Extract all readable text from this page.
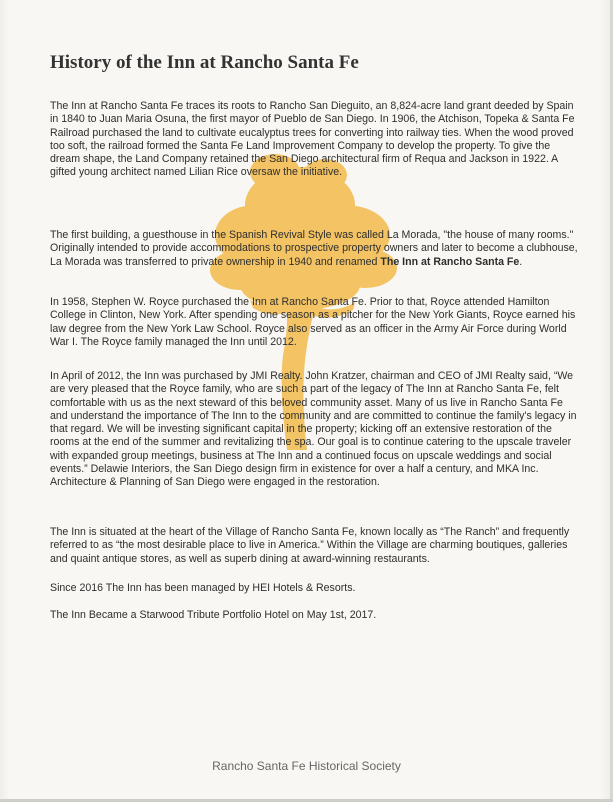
History of the Inn at Rancho Santa Fe

The Inn at Rancho Santa Fe traces its roots to Rancho San Dieguito, an 8,824-acre land grant deeded by Spain in 1840 to Juan Maria Osuna, the first mayor of Pueblo de San Diego. In 1906, the Atchison, Topeka & Santa Fe Railroad purchased the land to cultivate eucalyptus trees for converting into railway ties. When the wood proved too soft, the railroad formed the Santa Fe Land Improvement Company to develop the property. To give the dream shape, the Land Company retained the San Diego architectural firm of Requa and Jackson in 1922. A gifted young architect named Lilian Rice oversaw the initiative.

The first building, a guesthouse in the Spanish Revival Style was called La Morada, "the house of many rooms." Originally intended to provide accommodations to prospective property owners and later to become a clubhouse, La Morada was transferred to private ownership in 1940 and renamed The Inn at Rancho Santa Fe.

In 1958, Stephen W. Royce purchased the Inn at Rancho Santa Fe. Prior to that, Royce attended Hamilton College in Clinton, New York. After spending one season as a pitcher for the New York Giants, Royce earned his law degree from the New York Law School. Royce also served as an officer in the Army Air Force during World War I. The Royce family managed the Inn until 2012.

In April of 2012, the Inn was purchased by JMI Realty. John Kratzer, chairman and CEO of JMI Realty said, “We are very pleased that the Royce family, who are such a part of the legacy of The Inn at Rancho Santa Fe, felt comfortable with us as the next steward of this beloved community asset. Many of us live in Rancho Santa Fe and understand the importance of The Inn to the community and are committed to continue the family's legacy in that regard. We will be investing significant capital in the property; kicking off an extensive restoration of the rooms at the end of the summer and revitalizing the spa. Our goal is to continue catering to the upscale traveler with expanded group meetings, business at The Inn and a continued focus on upscale weddings and social events.” Delawie Interiors, the San Diego design firm in existence for over a half a century, and MKA Inc. Architecture & Planning of San Diego were engaged in the restoration.

The Inn is situated at the heart of the Village of Rancho Santa Fe, known locally as “The Ranch” and frequently referred to as “the most desirable place to live in America.” Within the Village are charming boutiques, galleries and quaint antique stores, as well as superb dining at award-winning restaurants.

Since 2016 The Inn has been managed by HEI Hotels & Resorts.

The Inn Became a Starwood Tribute Portfolio Hotel on May 1st, 2017.

Rancho Santa Fe Historical Society
